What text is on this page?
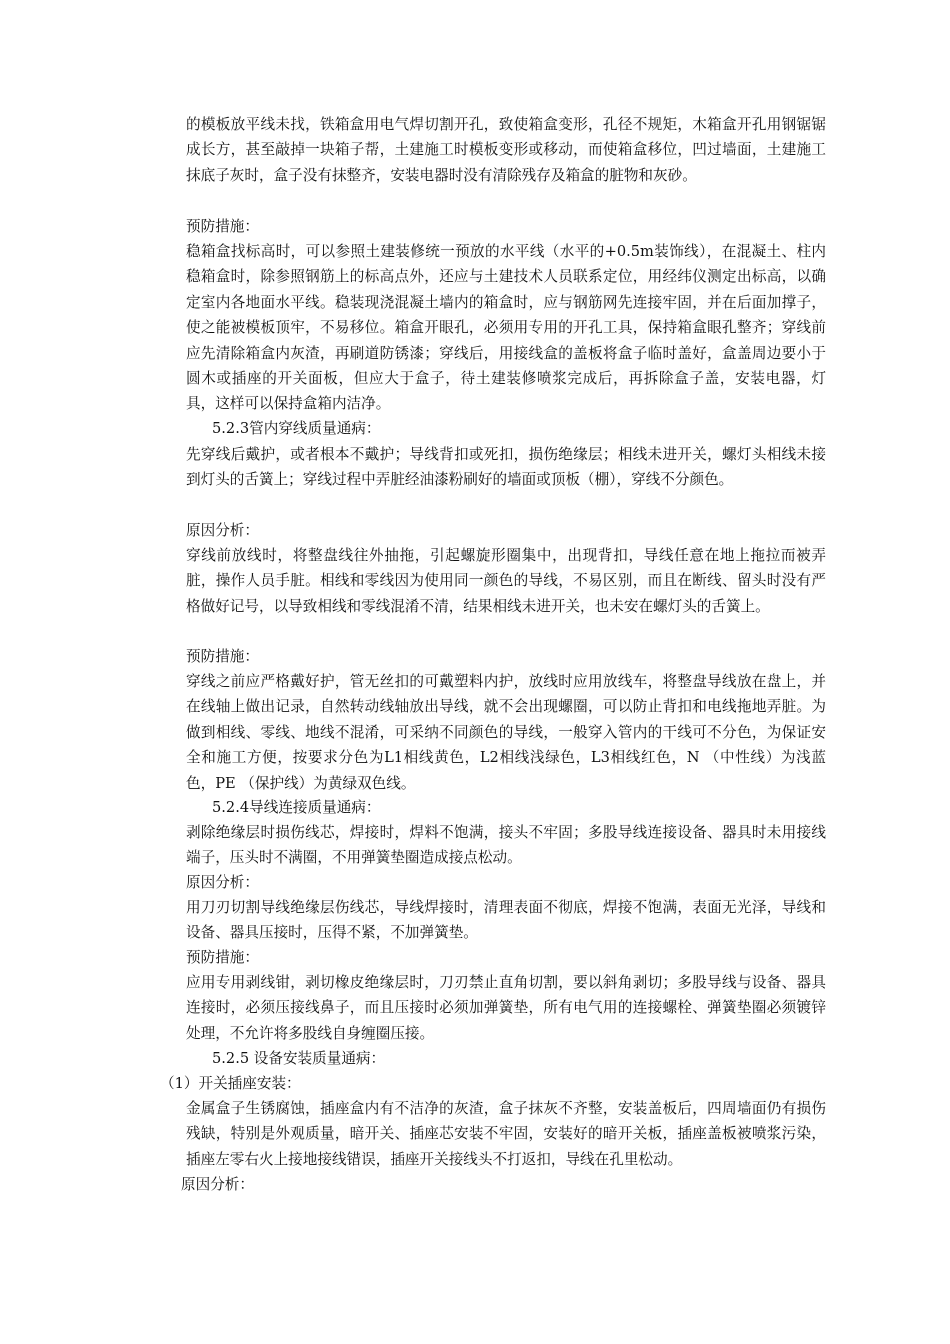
的模板放平线未找，铁箱盒用电气焊切割开孔，致使箱盒变形，孔径不规矩，木箱盒开孔用钢锯锯成长方，甚至敲掉一块箱子帮，土建施工时模板变形或移动，而使箱盒移位，凹过墙面，土建施工抹底子灰时，盒子没有抹整齐，安装电器时没有清除残存及箱盒的脏物和灰砂。

预防措施：

稳箱盒找标高时，可以参照土建装修统一预放的水平线（水平的+0.5m装饰线），在混凝土、柱内稳箱盒时，除参照钢筋上的标高点外，还应与土建技术人员联系定位，用经纬仪测定出标高，以确定室内各地面水平线。稳装现浇混凝土墙内的箱盒时，应与钢筋网先连接牢固，并在后面加撑子，使之能被模板顶牢，不易移位。箱盒开眼孔，必须用专用的开孔工具，保持箱盒眼孔整齐；穿线前应先清除箱盒内灰渣，再刷道防锈漆；穿线后，用接线盒的盖板将盒子临时盖好，盒盖周边要小于圆木或插座的开关面板，但应大于盒子，待土建装修喷浆完成后，再拆除盒子盖，安装电器，灯具，这样可以保持盒箱内洁净。

5.2.3管内穿线质量通病：

先穿线后戴护，或者根本不戴护；导线背扣或死扣，损伤绝缘层；相线未进开关，螺灯头相线未接到灯头的舌簧上；穿线过程中弄脏经油漆粉刷好的墙面或顶板（棚），穿线不分颜色。

原因分析：

穿线前放线时，将整盘线往外抽拖，引起螺旋形圈集中，出现背扣，导线任意在地上拖拉而被弄脏，操作人员手脏。相线和零线因为使用同一颜色的导线，不易区别，而且在断线、留头时没有严格做好记号，以导致相线和零线混淆不清，结果相线未进开关，也未安在螺灯头的舌簧上。

预防措施：

穿线之前应严格戴好护，管无丝扣的可戴塑料内护，放线时应用放线车，将整盘导线放在盘上，并在线轴上做出记录，自然转动线轴放出导线，就不会出现螺圈，可以防止背扣和电线拖地弄脏。为做到相线、零线、地线不混淆，可采纳不同颜色的导线，一般穿入管内的干线可不分色，为保证安全和施工方便，按要求分色为L1相线黄色，L2相线浅绿色，L3相线红色，N （中性线）为浅蓝色，PE （保护线）为黄绿双色线。

5.2.4导线连接质量通病：

剥除绝缘层时损伤线芯，焊接时，焊料不饱满，接头不牢固；多股导线连接设备、器具时未用接线端子，压头时不满圈，不用弹簧垫圈造成接点松动。

原因分析：

用刀刃切割导线绝缘层伤线芯，导线焊接时，清理表面不彻底，焊接不饱满，表面无光泽，导线和设备、器具压接时，压得不紧，不加弹簧垫。

预防措施：

应用专用剥线钳，剥切橡皮绝缘层时，刀刃禁止直角切割，要以斜角剥切；多股导线与设备、器具连接时，必须压接线鼻子，而且压接时必须加弹簧垫，所有电气用的连接螺栓、弹簧垫圈必须镀锌处理，不允许将多股线自身缠圈压接。

5.2.5 设备安装质量通病：

（1）开关插座安装：

金属盒子生锈腐蚀，插座盒内有不洁净的灰渣，盒子抹灰不齐整，安装盖板后，四周墙面仍有损伤残缺，特别是外观质量，暗开关、插座芯安装不牢固，安装好的暗开关板，插座盖板被喷浆污染，插座左零右火上接地接线错误，插座开关接线头不打返扣，导线在孔里松动。

原因分析：
